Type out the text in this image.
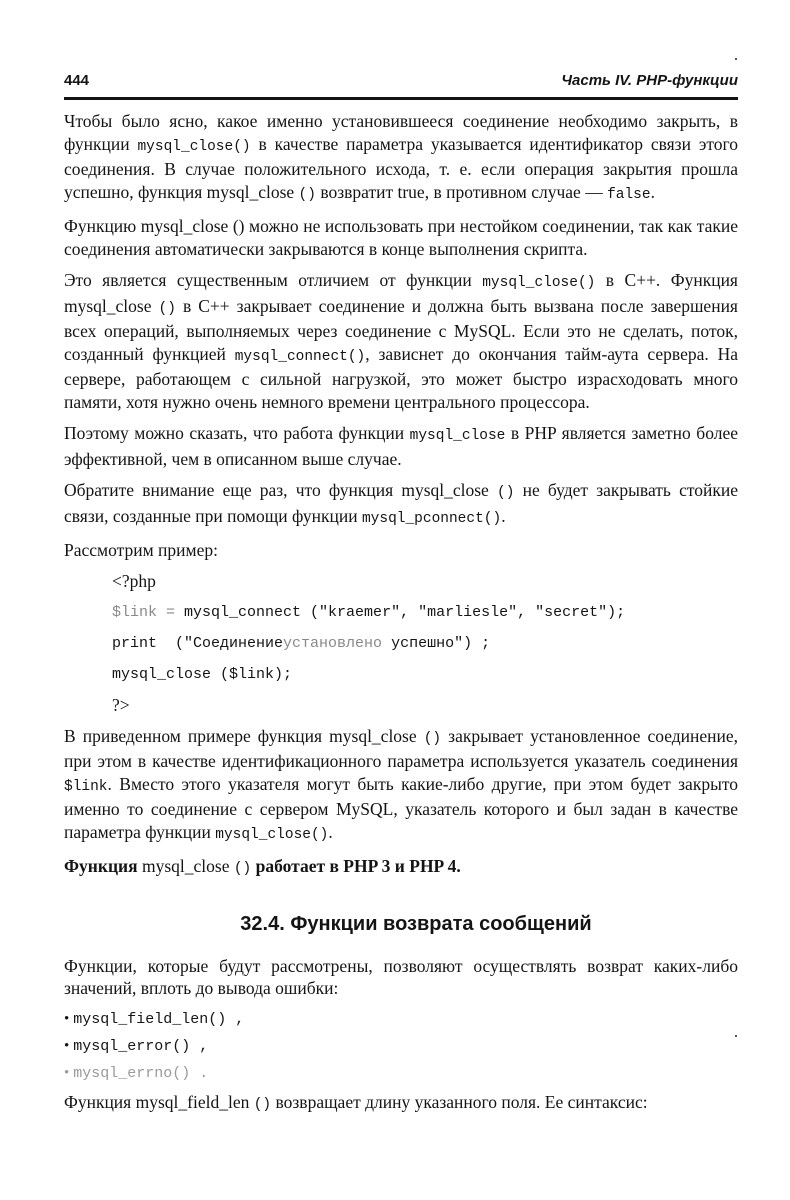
444	Часть IV. PHP-функции

Чтобы было ясно, какое именно установившееся соединение необходимо закрыть, в функции mysql_close() в качестве параметра указывается идентификатор связи этого соединения. В случае положительного исхода, т. е. если операция закрытия прошла успешно, функция mysql_close () возвратит true, в противном случае — false.

Функцию mysql_close () можно не использовать при нестойком соединении, так как такие соединения автоматически закрываются в конце выполнения скрипта.

Это является существенным отличием от функции mysql_close() в C++. Функция mysql_close () в C++ закрывает соединение и должна быть вызвана после завершения всех операций, выполняемых через соединение с MySQL. Если это не сделать, поток, созданный функцией mysql_connect(), зависнет до окончания тайм-аута сервера. На сервере, работающем с сильной нагрузкой, это может быстро израсходовать много памяти, хотя нужно очень немного времени центрального процессора.

Поэтому можно сказать, что работа функции mysql_close в PHP является заметно более эффективной, чем в описанном выше случае.

Обратите внимание еще раз, что функция mysql_close () не будет закрывать стойкие связи, созданные при помощи функции mysql_pconnect().

Рассмотрим пример:

<?php
$link = mysql_connect ("kraemer", "marliesle", "secret");
print  ("Соединениеустановлено успешно") ;
mysql_close ($link);
?>

В приведенном примере функция mysql_close () закрывает установленное соединение, при этом в качестве идентификационного параметра используется указатель соединения $link. Вместо этого указателя могут быть какие-либо другие, при этом будет закрыто именно то соединение с сервером MySQL, указатель которого и был задан в качестве параметра функции mysql_close().

Функция mysql_close () работает в PHP 3 и PHP 4.

32.4. Функции возврата сообщений

Функции, которые будут рассмотрены, позволяют осуществлять возврат каких-либо значений, вплоть до вывода ошибки:

• mysql_field_len() ,
• mysql_error() ,
• mysql_errno() .

Функция mysql_field_len () возвращает длину указанного поля. Ее синтаксис:
